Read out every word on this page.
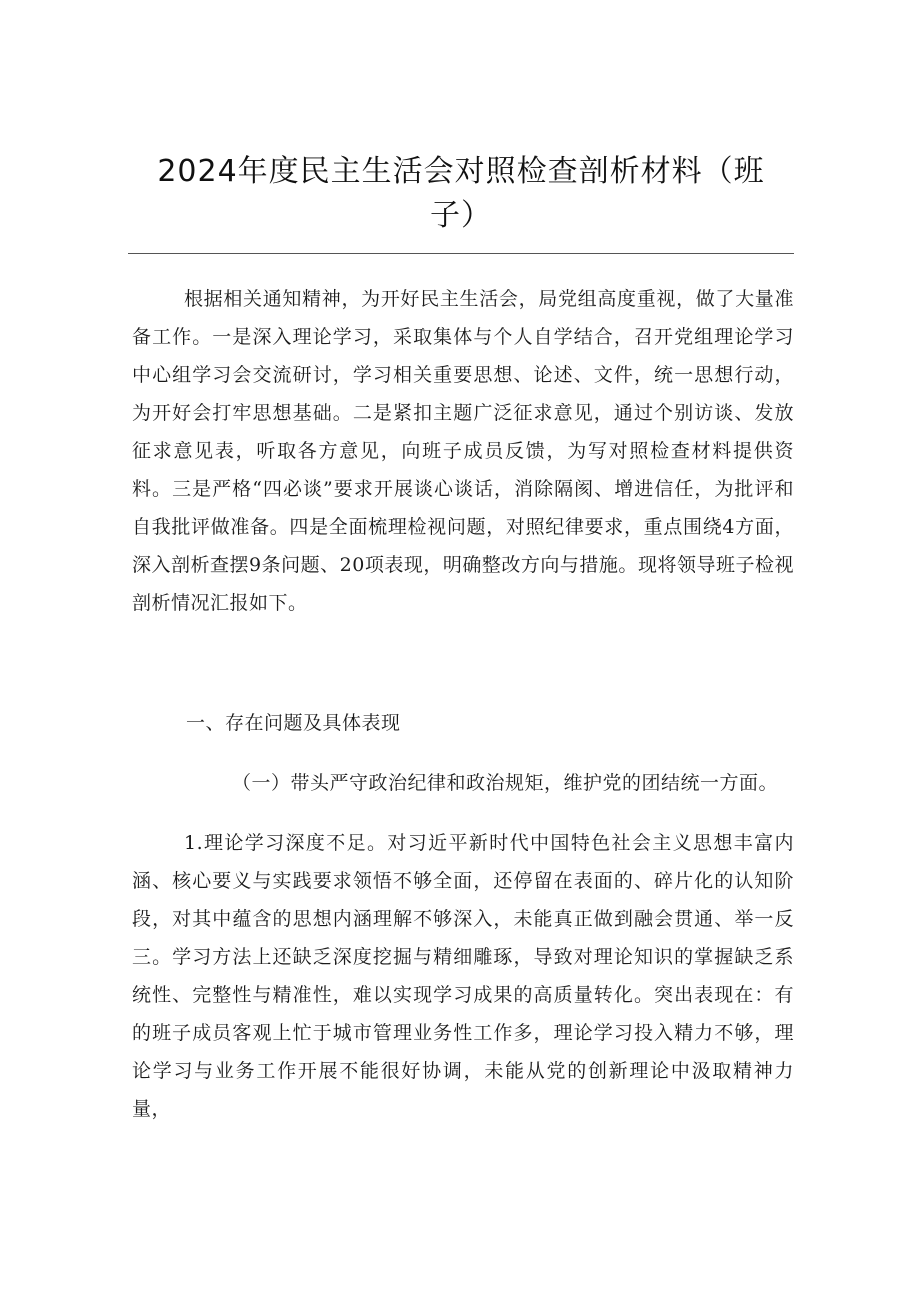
2024年度民主生活会对照检查剖析材料（班
子）

根据相关通知精神，为开好民主生活会，局党组高度重视，做了大量准备工作。一是深入理论学习，采取集体与个人自学结合，召开党组理论学习中心组学习会交流研讨，学习相关重要思想、论述、文件，统一思想行动，为开好会打牢思想基础。二是紧扣主题广泛征求意见，通过个别访谈、发放征求意见表，听取各方意见，向班子成员反馈，为写对照检查材料提供资料。三是严格“四必谈”要求开展谈心谈话，消除隔阂、增进信任，为批评和自我批评做准备。四是全面梳理检视问题，对照纪律要求，重点围绕4方面，深入剖析查摆9条问题、20项表现，明确整改方向与措施。现将领导班子检视剖析情况汇报如下。

一、存在问题及具体表现

（一）带头严守政治纪律和政治规矩，维护党的团结统一方面。

1.理论学习深度不足。对习近平新时代中国特色社会主义思想丰富内涵、核心要义与实践要求领悟不够全面，还停留在表面的、碎片化的认知阶段，对其中蕴含的思想内涵理解不够深入，未能真正做到融会贯通、举一反三。学习方法上还缺乏深度挖掘与精细雕琢，导致对理论知识的掌握缺乏系统性、完整性与精准性，难以实现学习成果的高质量转化。突出表现在：有的班子成员客观上忙于城市管理业务性工作多，理论学习投入精力不够，理论学习与业务工作开展不能很好协调，未能从党的创新理论中汲取精神力量，
